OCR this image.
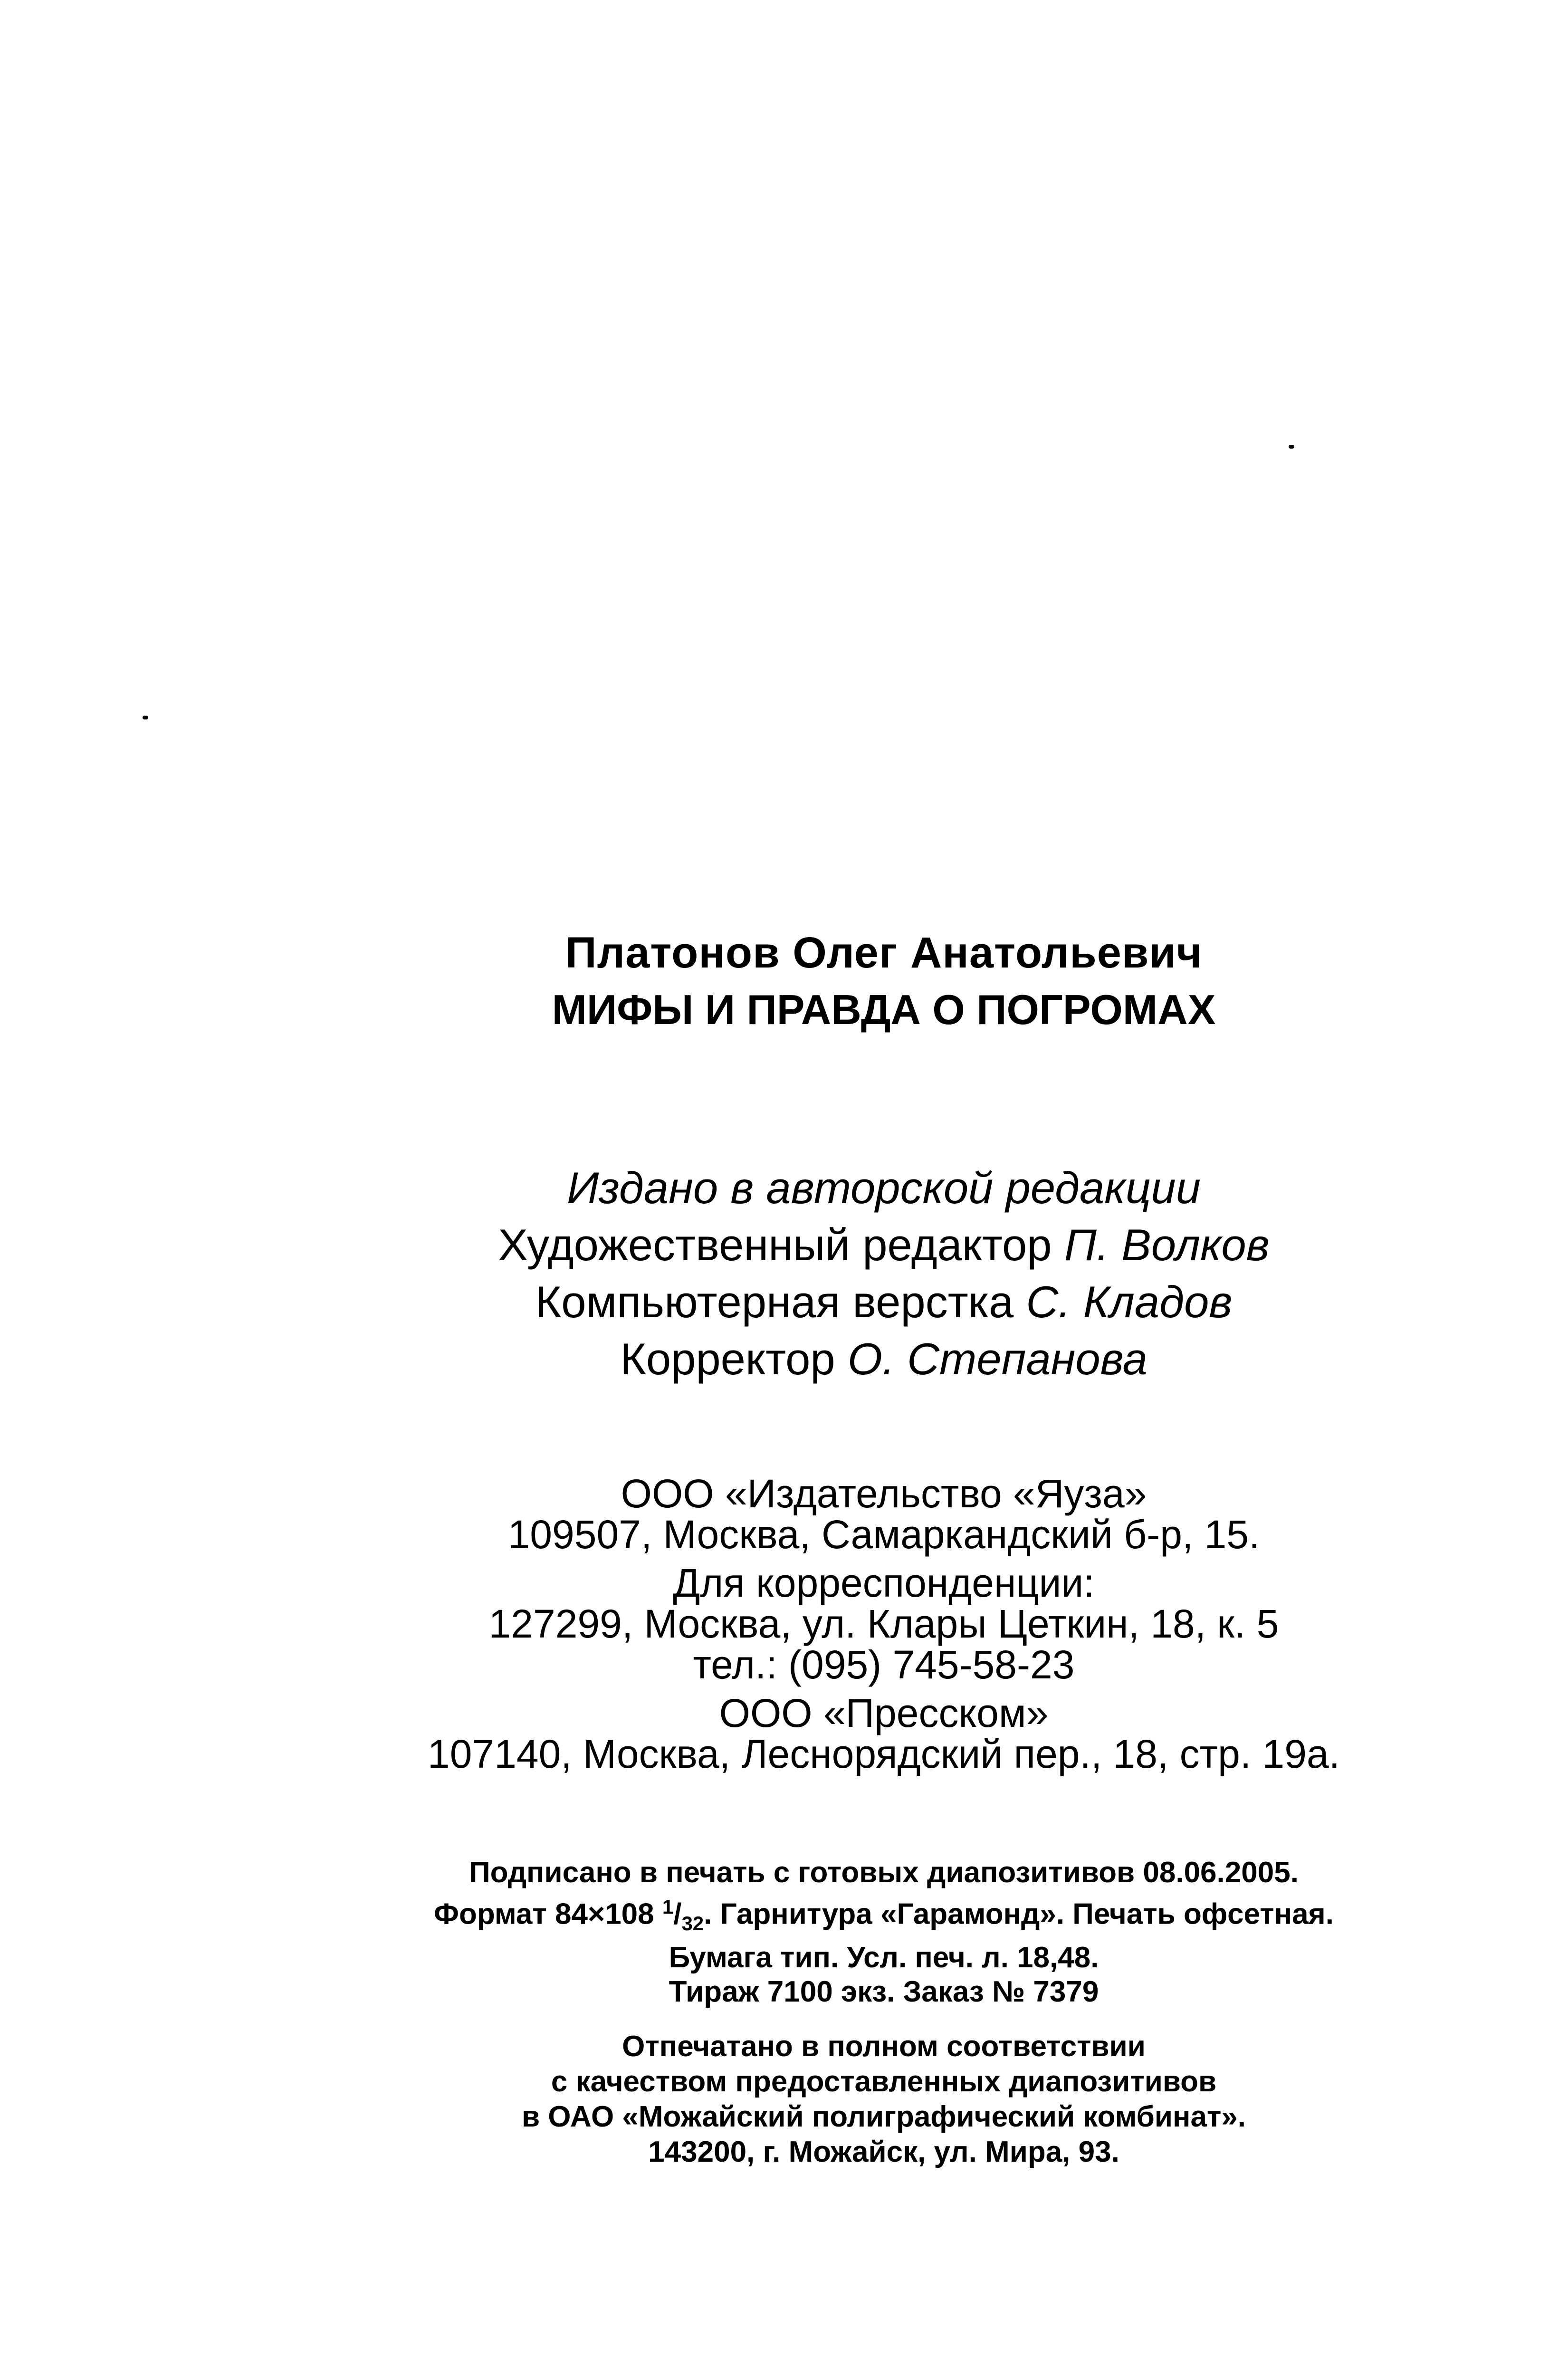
Платонов Олег Анатольевич
МИФЫ И ПРАВДА О ПОГРОМАХ
Издано в авторской редакции
Художественный редактор П. Волков
Компьютерная верстка С. Кладов
Корректор О. Степанова
ООО «Издательство «Яуза»
109507, Москва, Самаркандский б-р, 15.
Для корреспонденции:
127299, Москва, ул. Клары Цеткин, 18, к. 5
тел.: (095) 745-58-23
ООО «Пресском»
107140, Москва, Леснорядский пер., 18, стр. 19а.
Подписано в печать с готовых диапозитивов 08.06.2005.
Формат 84×108 $^1/_{32}$. Гарнитура «Гарамонд». Печать офсетная.
Бумага тип. Усл. печ. л. 18,48.
Тираж 7100 экз. Заказ № 7379
Отпечатано в полном соответствии
с качеством предоставленных диапозитивов
в ОАО «Можайский полиграфический комбинат».
143200, г. Можайск, ул. Мира, 93.
